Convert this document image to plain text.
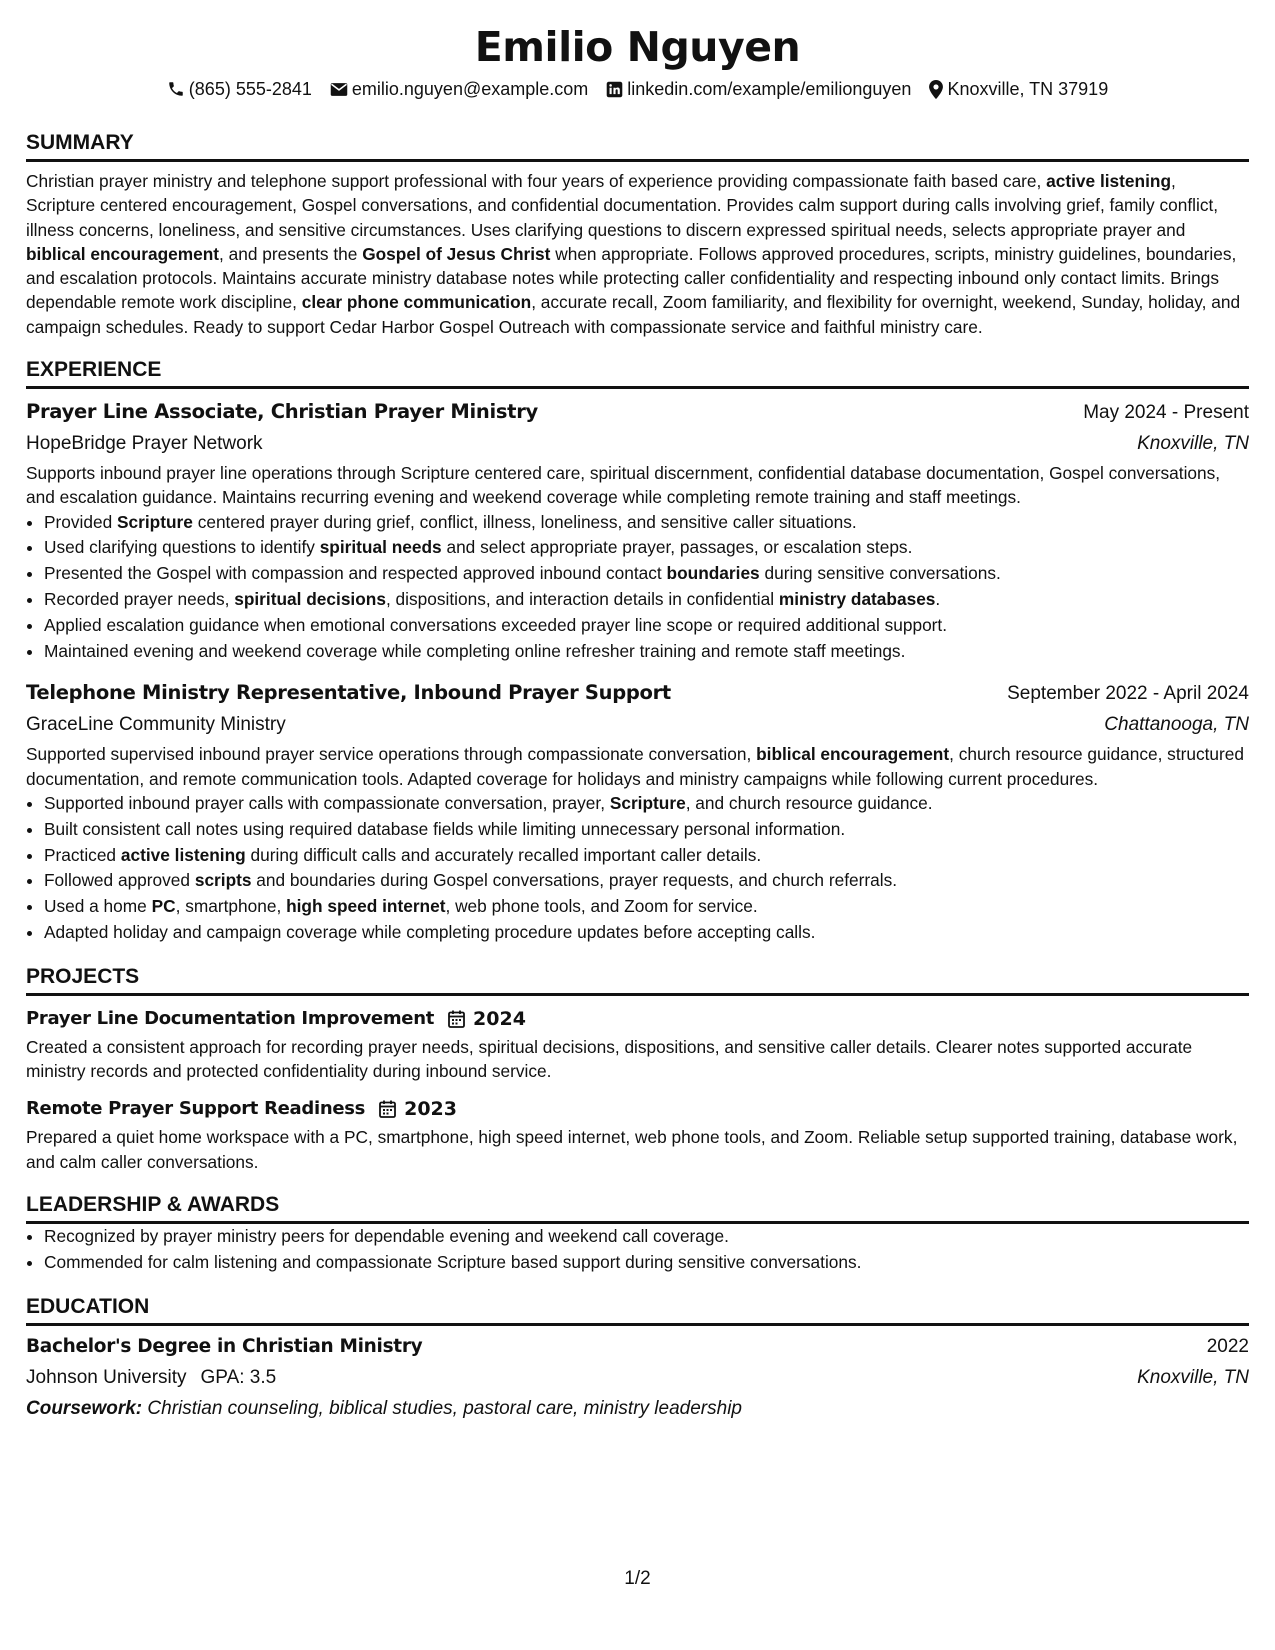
Emilio Nguyen
(865) 555-2841 emilio.nguyen@example.com linkedin.com/example/emilionguyen Knoxville, TN 37919
SUMMARY
Christian prayer ministry and telephone support professional with four years of experience providing compassionate faith based care, active listening, Scripture centered encouragement, Gospel conversations, and confidential documentation. Provides calm support during calls involving grief, family conflict, illness concerns, loneliness, and sensitive circumstances. Uses clarifying questions to discern expressed spiritual needs, selects appropriate prayer and biblical encouragement, and presents the Gospel of Jesus Christ when appropriate. Follows approved procedures, scripts, ministry guidelines, boundaries, and escalation protocols. Maintains accurate ministry database notes while protecting caller confidentiality and respecting inbound only contact limits. Brings dependable remote work discipline, clear phone communication, accurate recall, Zoom familiarity, and flexibility for overnight, weekend, Sunday, holiday, and campaign schedules. Ready to support Cedar Harbor Gospel Outreach with compassionate service and faithful ministry care.
EXPERIENCE
Prayer Line Associate, Christian Prayer Ministry	May 2024 - Present
HopeBridge Prayer Network	Knoxville, TN
Supports inbound prayer line operations through Scripture centered care, spiritual discernment, confidential database documentation, Gospel conversations, and escalation guidance. Maintains recurring evening and weekend coverage while completing remote training and staff meetings.
• Provided Scripture centered prayer during grief, conflict, illness, loneliness, and sensitive caller situations.
• Used clarifying questions to identify spiritual needs and select appropriate prayer, passages, or escalation steps.
• Presented the Gospel with compassion and respected approved inbound contact boundaries during sensitive conversations.
• Recorded prayer needs, spiritual decisions, dispositions, and interaction details in confidential ministry databases.
• Applied escalation guidance when emotional conversations exceeded prayer line scope or required additional support.
• Maintained evening and weekend coverage while completing online refresher training and remote staff meetings.
Telephone Ministry Representative, Inbound Prayer Support	September 2022 - April 2024
GraceLine Community Ministry	Chattanooga, TN
Supported supervised inbound prayer service operations through compassionate conversation, biblical encouragement, church resource guidance, structured documentation, and remote communication tools. Adapted coverage for holidays and ministry campaigns while following current procedures.
• Supported inbound prayer calls with compassionate conversation, prayer, Scripture, and church resource guidance.
• Built consistent call notes using required database fields while limiting unnecessary personal information.
• Practiced active listening during difficult calls and accurately recalled important caller details.
• Followed approved scripts and boundaries during Gospel conversations, prayer requests, and church referrals.
• Used a home PC, smartphone, high speed internet, web phone tools, and Zoom for service.
• Adapted holiday and campaign coverage while completing procedure updates before accepting calls.
PROJECTS
Prayer Line Documentation Improvement 2024
Created a consistent approach for recording prayer needs, spiritual decisions, dispositions, and sensitive caller details. Clearer notes supported accurate ministry records and protected confidentiality during inbound service.
Remote Prayer Support Readiness 2023
Prepared a quiet home workspace with a PC, smartphone, high speed internet, web phone tools, and Zoom. Reliable setup supported training, database work, and calm caller conversations.
LEADERSHIP & AWARDS
• Recognized by prayer ministry peers for dependable evening and weekend call coverage.
• Commended for calm listening and compassionate Scripture based support during sensitive conversations.
EDUCATION
Bachelor's Degree in Christian Ministry	2022
Johnson University GPA: 3.5	Knoxville, TN
Coursework: Christian counseling, biblical studies, pastoral care, ministry leadership
1/2
